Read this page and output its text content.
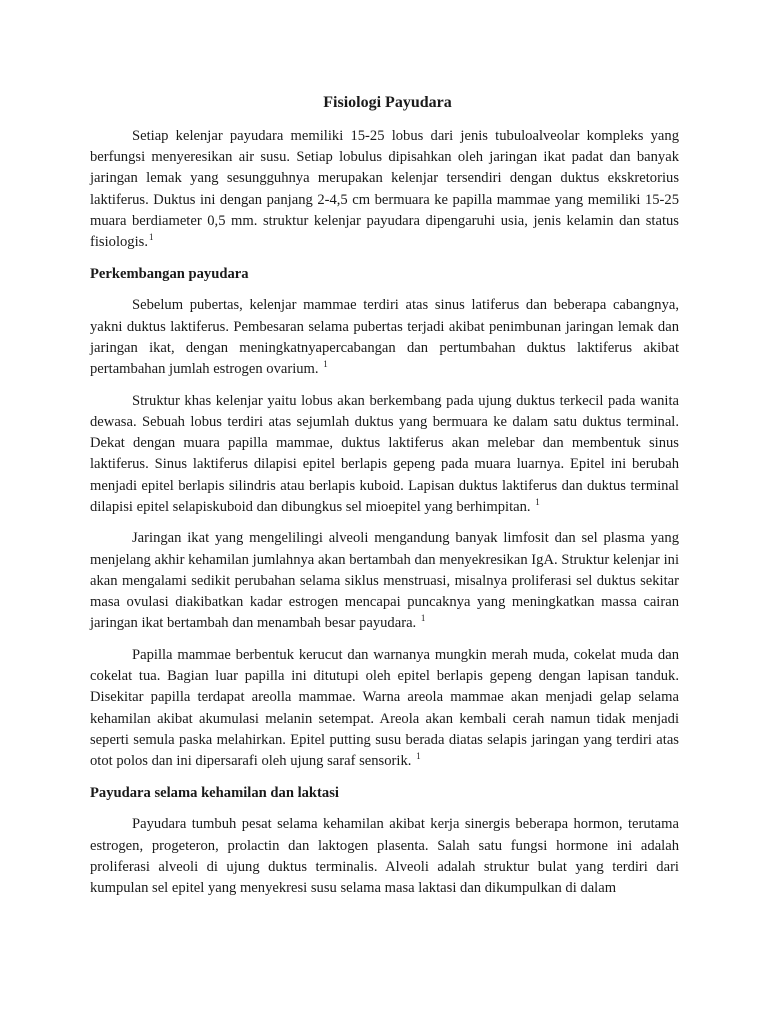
Fisiologi Payudara

Setiap kelenjar payudara memiliki 15-25 lobus dari jenis tubuloalveolar kompleks yang berfungsi menyeresikan air susu. Setiap lobulus dipisahkan oleh jaringan ikat padat dan banyak jaringan lemak yang sesungguhnya merupakan kelenjar tersendiri dengan duktus ekskretorius laktiferus. Duktus ini dengan panjang 2-4,5 cm bermuara ke papilla mammae yang memiliki 15-25 muara berdiameter 0,5 mm. struktur kelenjar payudara dipengaruhi usia, jenis kelamin dan status fisiologis.$^1$

Perkembangan payudara

Sebelum pubertas, kelenjar mammae terdiri atas sinus latiferus dan beberapa cabangnya, yakni duktus laktiferus. Pembesaran selama pubertas terjadi akibat penimbunan jaringan lemak dan jaringan ikat, dengan meningkatnyapercabangan dan pertumbahan duktus laktiferus akibat pertambahan jumlah estrogen ovarium. $^1$

Struktur khas kelenjar yaitu lobus akan berkembang pada ujung duktus terkecil pada wanita dewasa. Sebuah lobus terdiri atas sejumlah duktus yang bermuara ke dalam satu duktus terminal. Dekat dengan muara papilla mammae, duktus laktiferus akan melebar dan membentuk sinus laktiferus. Sinus laktiferus dilapisi epitel berlapis gepeng pada muara luarnya. Epitel ini berubah menjadi epitel berlapis silindris atau berlapis kuboid. Lapisan duktus laktiferus dan duktus terminal dilapisi epitel selapiskuboid dan dibungkus sel mioepitel yang berhimpitan. $^1$

Jaringan ikat yang mengelilingi alveoli mengandung banyak limfosit dan sel plasma yang menjelang akhir kehamilan jumlahnya akan bertambah dan menyekresikan IgA. Struktur kelenjar ini akan mengalami sedikit perubahan selama siklus menstruasi, misalnya proliferasi sel duktus sekitar masa ovulasi diakibatkan kadar estrogen mencapai puncaknya yang meningkatkan massa cairan jaringan ikat bertambah dan menambah besar payudara. $^1$

Papilla mammae berbentuk kerucut dan warnanya mungkin merah muda, cokelat muda dan cokelat tua. Bagian luar papilla ini ditutupi oleh epitel berlapis gepeng dengan lapisan tanduk. Disekitar papilla terdapat areolla mammae. Warna areola mammae akan menjadi gelap selama kehamilan akibat akumulasi melanin setempat. Areola akan kembali cerah namun tidak menjadi seperti semula paska melahirkan. Epitel putting susu berada diatas selapis jaringan yang terdiri atas otot polos dan ini dipersarafi oleh ujung saraf sensorik. $^1$

Payudara selama kehamilan dan laktasi

Payudara tumbuh pesat selama kehamilan akibat kerja sinergis beberapa hormon, terutama estrogen, progeteron, prolactin dan laktogen plasenta. Salah satu fungsi hormone ini adalah proliferasi alveoli di ujung duktus terminalis. Alveoli adalah struktur bulat yang terdiri dari kumpulan sel epitel yang menyekresi susu selama masa laktasi dan dikumpulkan di dalam
